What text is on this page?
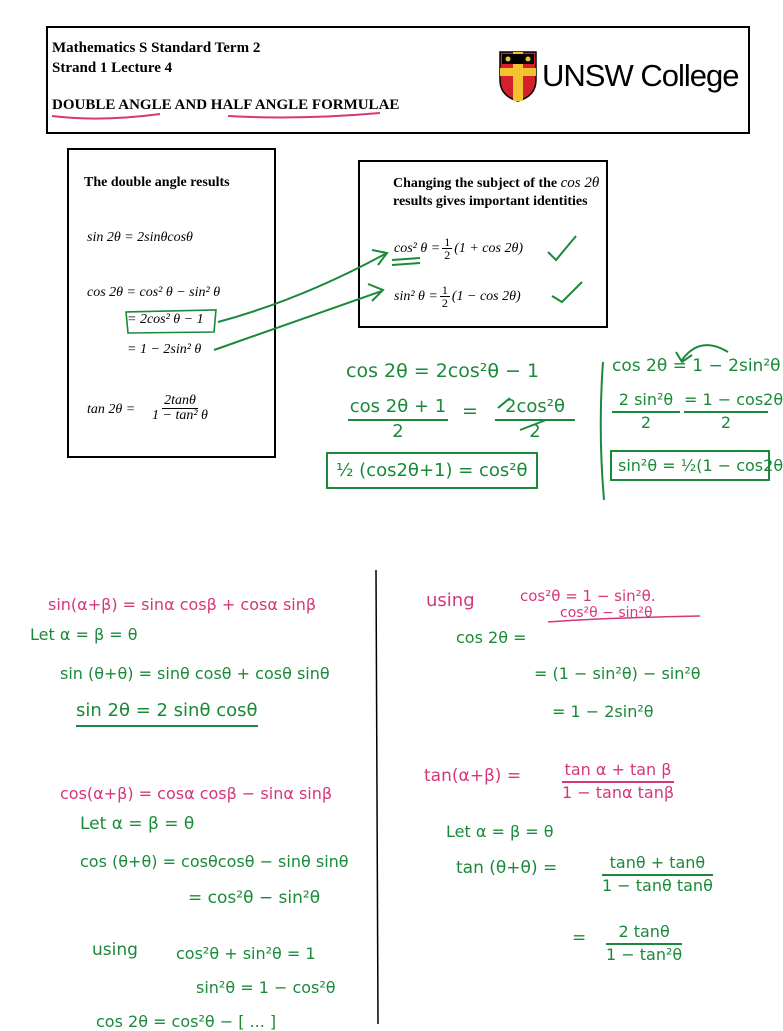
Mathematics S Standard Term 2
Strand 1 Lecture 4
DOUBLE ANGLE AND HALF ANGLE FORMULAE
UNSW College
The double angle results
sin 2θ = 2sinθcosθ
cos 2θ = cos² θ − sin² θ
= 2cos² θ − 1
= 1 − 2sin² θ
$\tan 2\theta = \frac{2\tan\theta}{\text{1 − tan² θ}}$
Changing the subject of the cos 2θ
results gives important identities
cos² $\theta = \frac{1}{2} (1 + \cos 2\theta)$
sin² $\theta = \frac{1}{2} (1 - \cos 2\theta)$
cos 2θ = 2cos²θ − 1
$\frac{\cos 2\theta + 1}{2} = \frac{\text{2cos²θ}}{2}$
½ (cos2θ+1) = cos²θ
cos 2θ = 1 − 2sin²θ
$\frac{\text{2 sin²θ}}{2} \frac{= 1 - \cos 2\theta}{2}$
sin²θ = ½(1 − cos2θ
sin(α+β) = sinα cosβ + cosα sinβ
Let α = β = θ
sin (θ+θ) = sinθ cosθ + cosθ sinθ
sin 2θ = 2 sinθ cosθ
cos(α+β) = cosα cosβ − sinα sinβ
Let α = β = θ
cos (θ+θ) = cosθcosθ − sinθ sinθ
= cos²θ − sin²θ
using cos²θ + sin²θ = 1
sin²θ = 1 − cos²θ
cos 2θ = cos²θ − [ ... ]
using	cos²θ = 1 − sin²θ.
cos²θ − sin²θ
cos 2θ =
= (1 − sin²θ) − sin²θ
= 1 − 2sin²θ
tan(α+β) =	$\frac{\text{tan α + tan β}}{\text{1 − tanα tanβ}}$
Let α = β = θ
tan (θ+θ) =	$\frac{\tan\theta + \tan\theta}{\text{1 − tanθ tanθ}}$
= $\frac{2 \tan\theta}{\text{1 − tan²θ}}$
